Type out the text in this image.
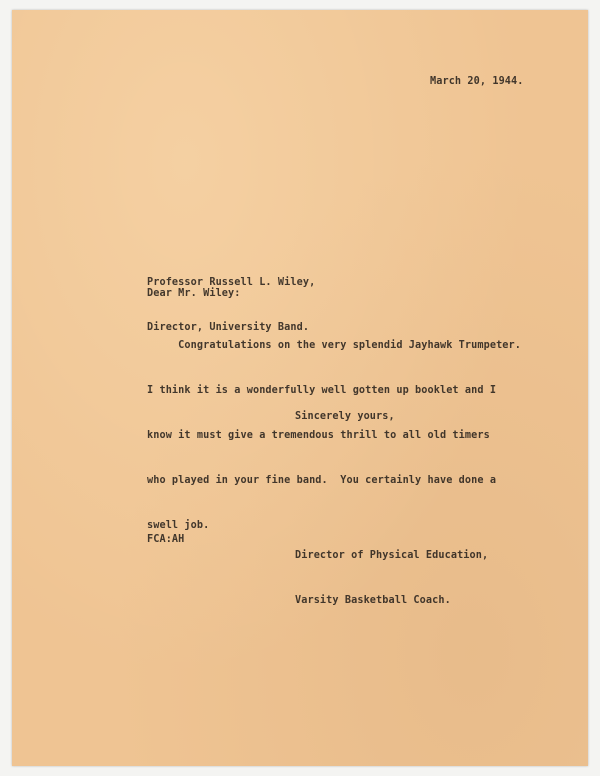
March 20, 1944.

Professor Russell L. Wiley,

Director, University Band.

Dear Mr. Wiley:

Congratulations on the very splendid Jayhawk Trumpeter.

I think it is a wonderfully well gotten up booklet and I

know it must give a tremendous thrill to all old timers

who played in your fine band.  You certainly have done a

swell job.

Sincerely yours,

Director of Physical Education,

Varsity Basketball Coach.

FCA:AH
